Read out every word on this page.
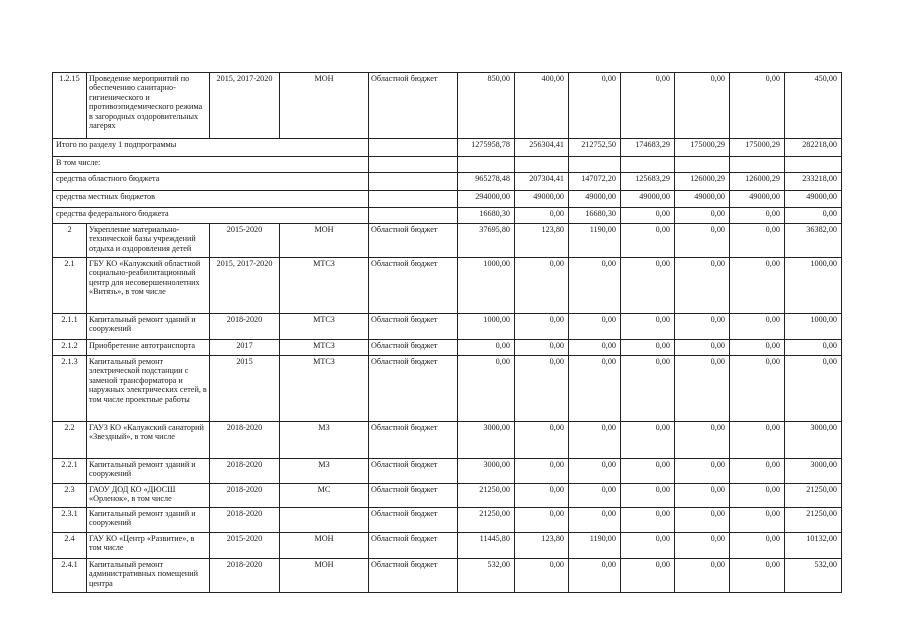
1.2.15	Проведение мероприятий по обеспечению санитарно-гигиенического и противоэпидемического режима в загородных оздоровительных лагерях	2015, 2017-2020	МОН	Областной бюджет	850,00	400,00	0,00	0,00	0,00	0,00	450,00
Итого по разделу 1 подпрограммы					1275958,78	256304,41	212752,50	174683,29	175000,29	175000,29	282218,00
В том числе:											
средства областного бюджета					965278,48	207304,41	147072,20	125683,29	126000,29	126000,29	233218,00
средства местных бюджетов					294000,00	49000,00	49000,00	49000,00	49000,00	49000,00	49000,00
средства федерального бюджета					16680,30	0,00	16680,30	0,00	0,00	0,00	0,00
2	Укрепление материально-технической базы учреждений отдыха и оздоровления детей	2015-2020	МОН	Областной бюджет	37695,80	123,80	1190,00	0,00	0,00	0,00	36382,00
2.1	ГБУ КО «Калужский областной социально-реабилитационный центр для несовершеннолетних «Витязь», в том числе	2015, 2017-2020	МТСЗ	Областной бюджет	1000,00	0,00	0,00	0,00	0,00	0,00	1000,00
2.1.1	Капитальный ремонт зданий и сооружений	2018-2020	МТСЗ	Областной бюджет	1000,00	0,00	0,00	0,00	0,00	0,00	1000,00
2.1.2	Приобретение автотранспорта	2017	МТСЗ	Областной бюджет	0,00	0,00	0,00	0,00	0,00	0,00	0,00
2.1.3	Капитальный ремонт электрической подстанции с заменой трансформатора и наружных электрических сетей, в том числе проектные работы	2015	МТСЗ	Областной бюджет	0,00	0,00	0,00	0,00	0,00	0,00	0,00
2.2	ГАУЗ КО «Калужский санаторий «Звездный», в том числе	2018-2020	МЗ	Областной бюджет	3000,00	0,00	0,00	0,00	0,00	0,00	3000,00
2.2.1	Капитальный ремонт зданий и сооружений	2018-2020	МЗ	Областной бюджет	3000,00	0,00	0,00	0,00	0,00	0,00	3000,00
2.3	ГАОУ ДОД КО «ДЮСШ «Орленок», в том числе	2018-2020	МС	Областной бюджет	21250,00	0,00	0,00	0,00	0,00	0,00	21250,00
2.3.1	Капитальный ремонт зданий и сооружений	2018-2020		Областной бюджет	21250,00	0,00	0,00	0,00	0,00	0,00	21250,00
2.4	ГАУ КО «Центр «Развитие», в том числе	2015-2020	МОН	Областной бюджет	11445,80	123,80	1190,00	0,00	0,00	0,00	10132,00
2.4.1	Капитальный ремонт административных помещений центра	2018-2020	МОН	Областной бюджет	532,00	0,00	0,00	0,00	0,00	0,00	532,00
